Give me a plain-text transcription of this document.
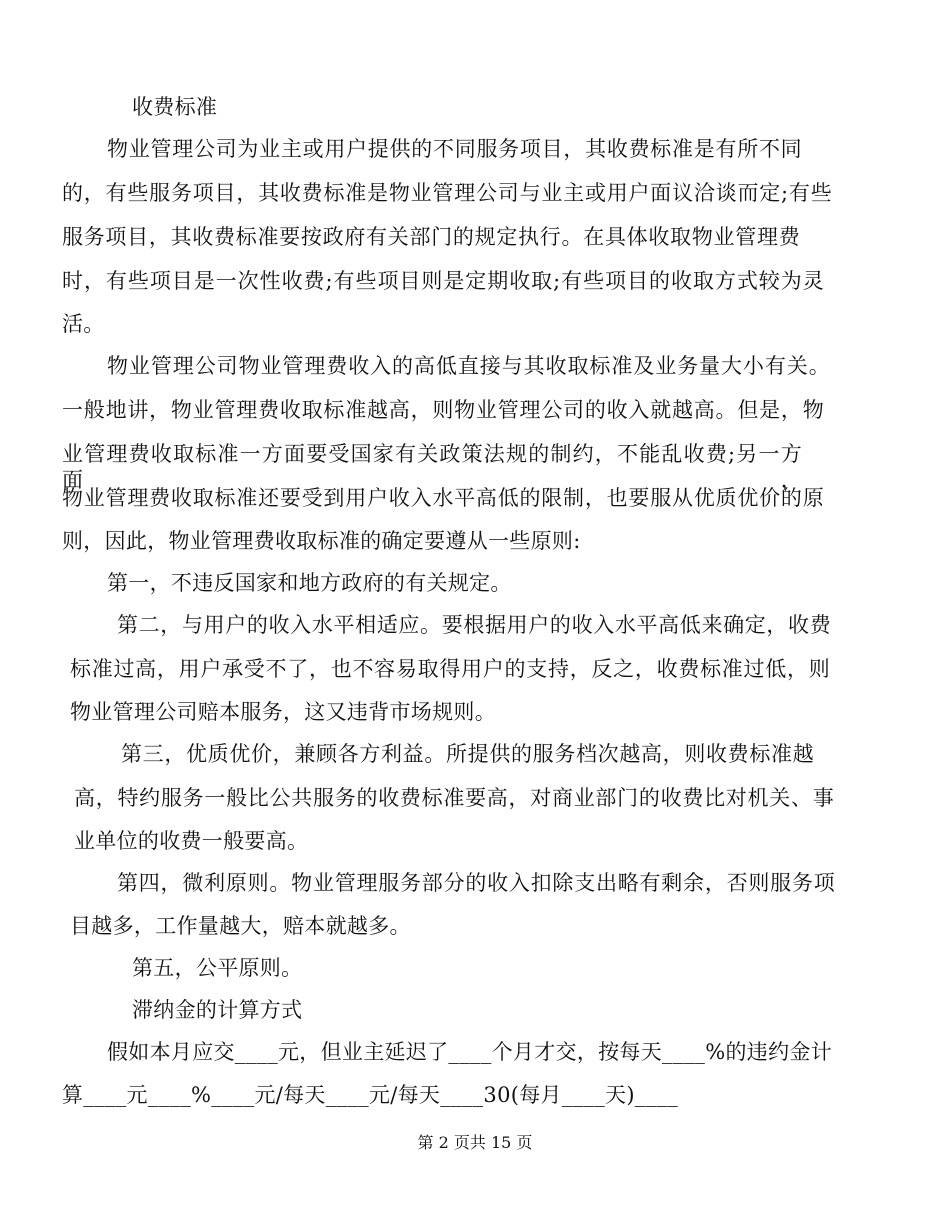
收费标准
物业管理公司为业主或用户提供的不同服务项目，其收费标准是有所不同
的，有些服务项目，其收费标准是物业管理公司与业主或用户面议洽谈而定;有些
服务项目，其收费标准要按政府有关部门的规定执行。在具体收取物业管理费
时，有些项目是一次性收费;有些项目则是定期收取;有些项目的收取方式较为灵
活。
物业管理公司物业管理费收入的高低直接与其收取标准及业务量大小有关。
一般地讲，物业管理费收取标准越高，则物业管理公司的收入就越高。但是，物
业管理费收取标准一方面要受国家有关政策法规的制约，不能乱收费;另一方面，
物业管理费收取标准还要受到用户收入水平高低的限制，也要服从优质优价的原
则，因此，物业管理费收取标准的确定要遵从一些原则:
第一，不违反国家和地方政府的有关规定。
第二，与用户的收入水平相适应。要根据用户的收入水平高低来确定，收费
标准过高，用户承受不了，也不容易取得用户的支持，反之，收费标准过低，则
物业管理公司赔本服务，这又违背市场规则。
第三，优质优价，兼顾各方利益。所提供的服务档次越高，则收费标准越
高，特约服务一般比公共服务的收费标准要高，对商业部门的收费比对机关、事
业单位的收费一般要高。
第四，微利原则。物业管理服务部分的收入扣除支出略有剩余，否则服务项
目越多，工作量越大，赔本就越多。
第五，公平原则。
滞纳金的计算方式
假如本月应交____元，但业主延迟了____个月才交，按每天____%的违约金计
算____元____%____元/每天____元/每天____30(每月____天)____
第 2 页共 15 页
